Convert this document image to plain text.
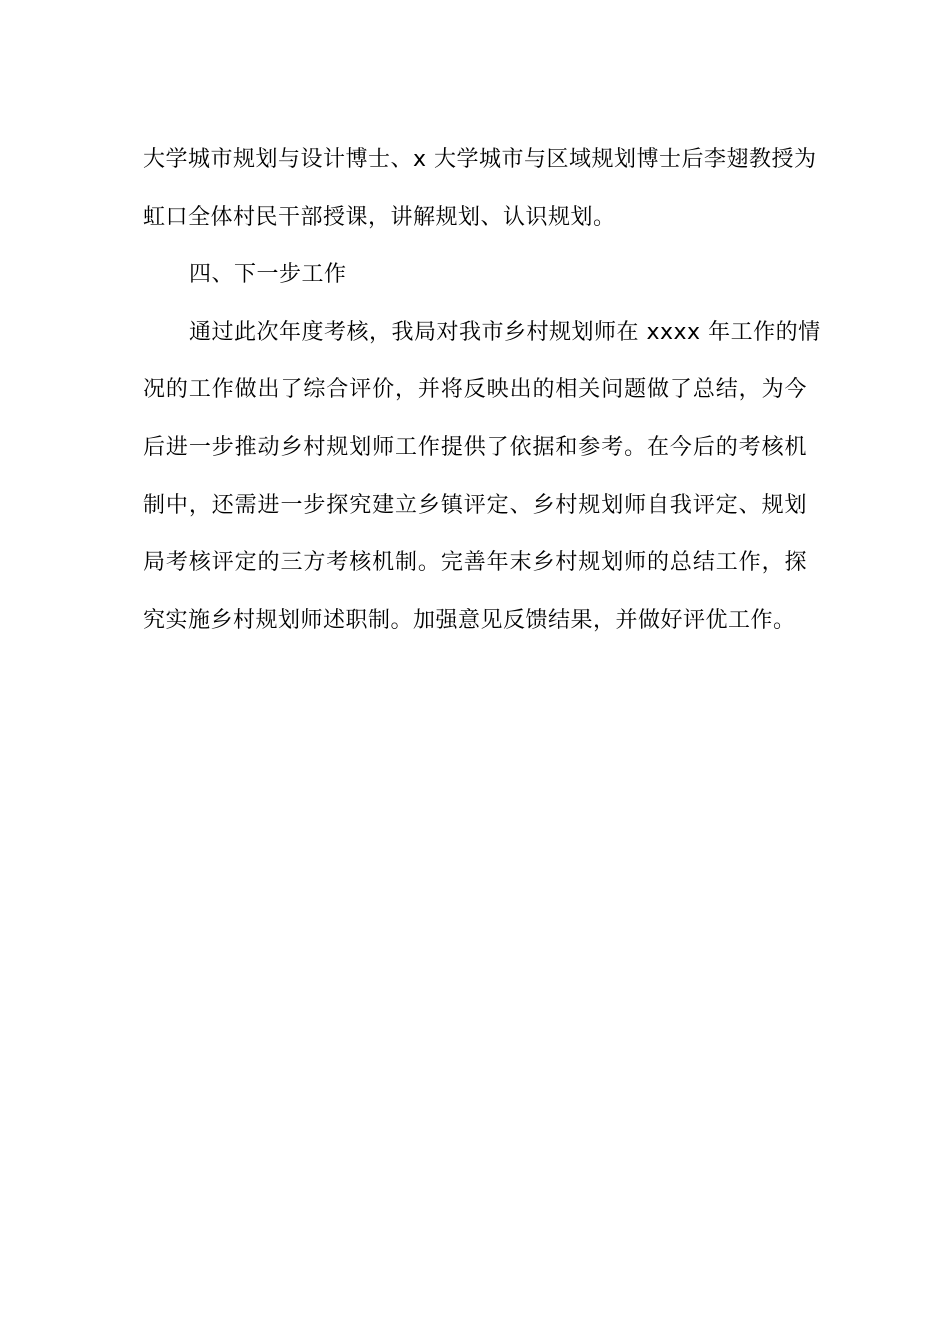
大学城市规划与设计博士、x 大学城市与区域规划博士后李翅教授为
虹口全体村民干部授课，讲解规划、认识规划。
四、下一步工作
通过此次年度考核，我局对我市乡村规划师在 xxxx 年工作的情
况的工作做出了综合评价，并将反映出的相关问题做了总结，为今
后进一步推动乡村规划师工作提供了依据和参考。在今后的考核机
制中，还需进一步探究建立乡镇评定、乡村规划师自我评定、规划
局考核评定的三方考核机制。完善年末乡村规划师的总结工作，探
究实施乡村规划师述职制。加强意见反馈结果，并做好评优工作。
